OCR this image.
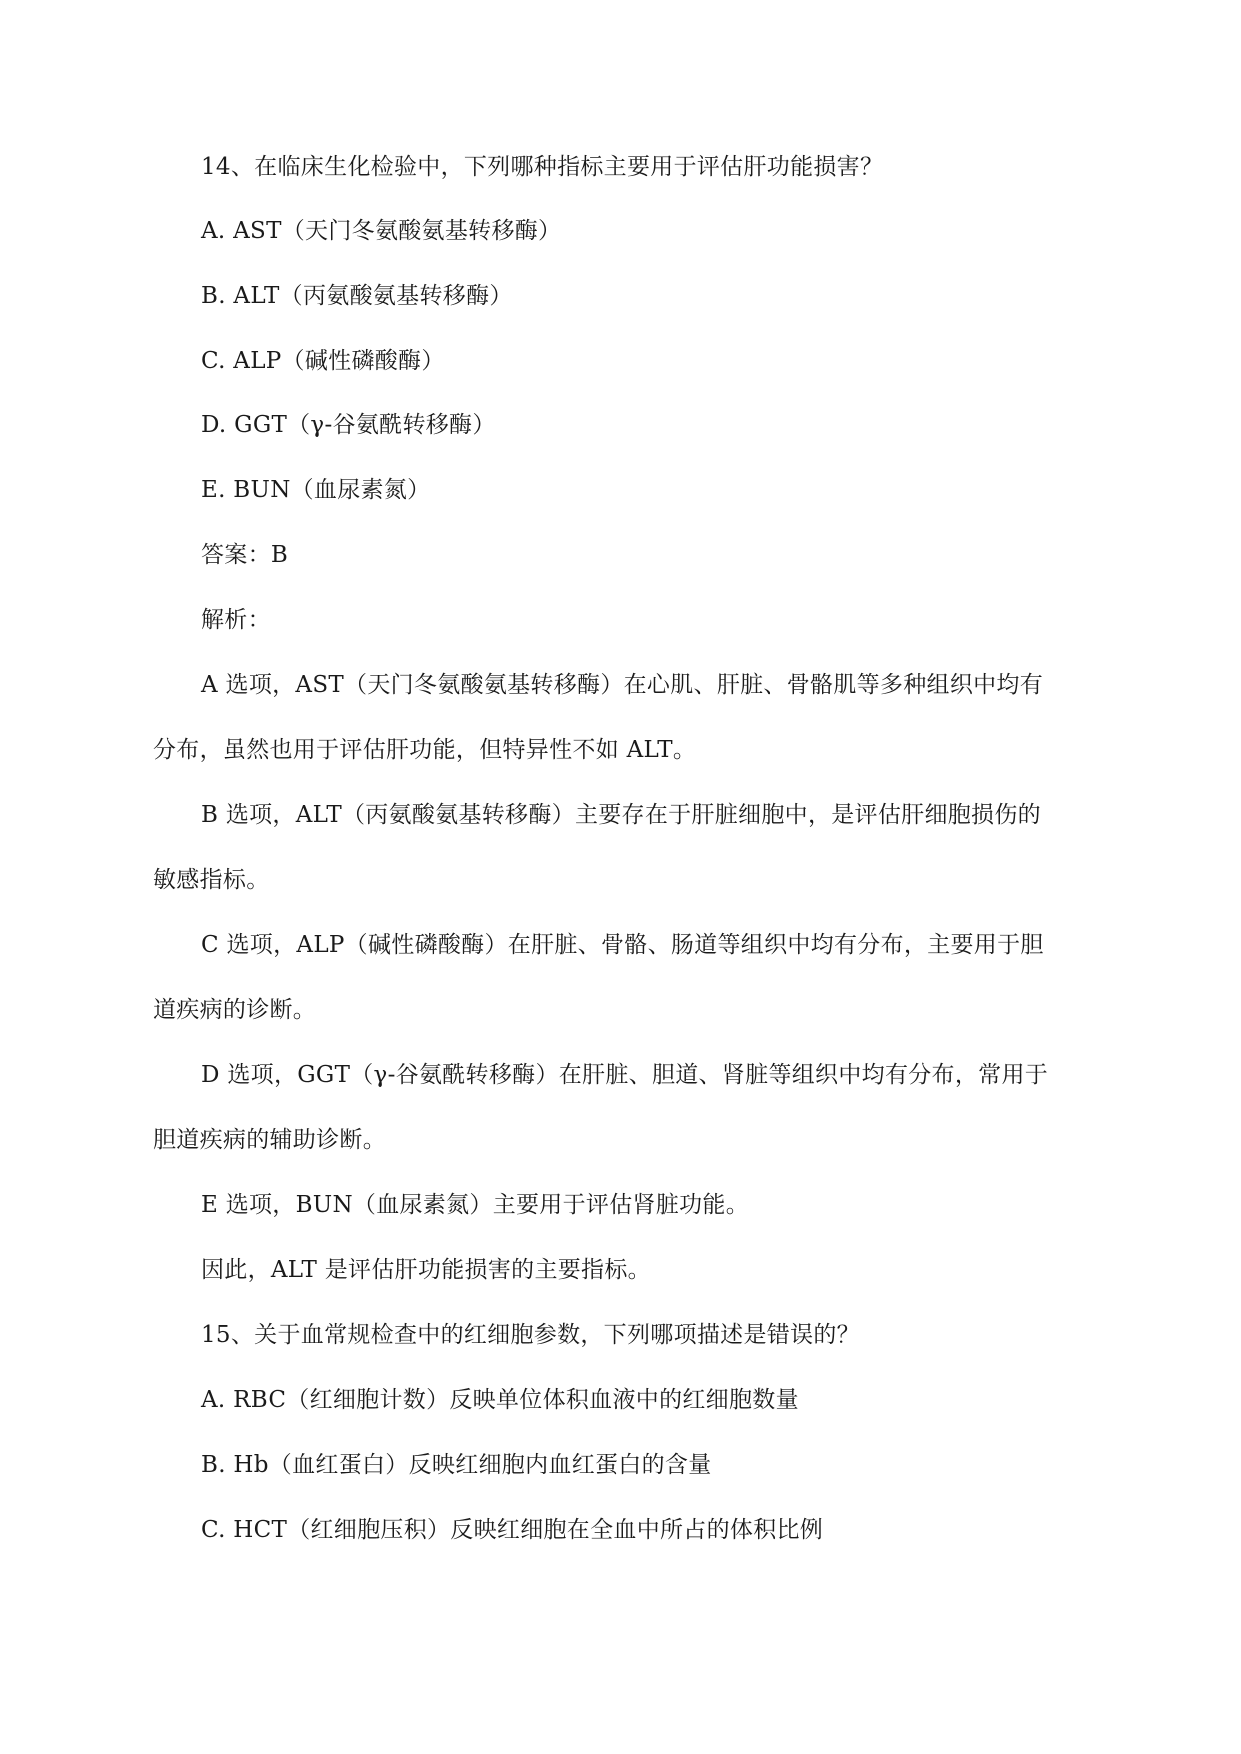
14、在临床生化检验中，下列哪种指标主要用于评估肝功能损害？
A. AST（天门冬氨酸氨基转移酶）
B. ALT（丙氨酸氨基转移酶）
C. ALP（碱性磷酸酶）
D. GGT（γ-谷氨酰转移酶）
E. BUN（血尿素氮）
答案：B
解析：
A 选项，AST（天门冬氨酸氨基转移酶）在心肌、肝脏、骨骼肌等多种组织中均有
分布，虽然也用于评估肝功能，但特异性不如 ALT。
B 选项，ALT（丙氨酸氨基转移酶）主要存在于肝脏细胞中，是评估肝细胞损伤的
敏感指标。
C 选项，ALP（碱性磷酸酶）在肝脏、骨骼、肠道等组织中均有分布，主要用于胆
道疾病的诊断。
D 选项，GGT（γ-谷氨酰转移酶）在肝脏、胆道、肾脏等组织中均有分布，常用于
胆道疾病的辅助诊断。
E 选项，BUN（血尿素氮）主要用于评估肾脏功能。
因此，ALT 是评估肝功能损害的主要指标。
15、关于血常规检查中的红细胞参数，下列哪项描述是错误的？
A. RBC（红细胞计数）反映单位体积血液中的红细胞数量
B. Hb（血红蛋白）反映红细胞内血红蛋白的含量
C. HCT（红细胞压积）反映红细胞在全血中所占的体积比例
